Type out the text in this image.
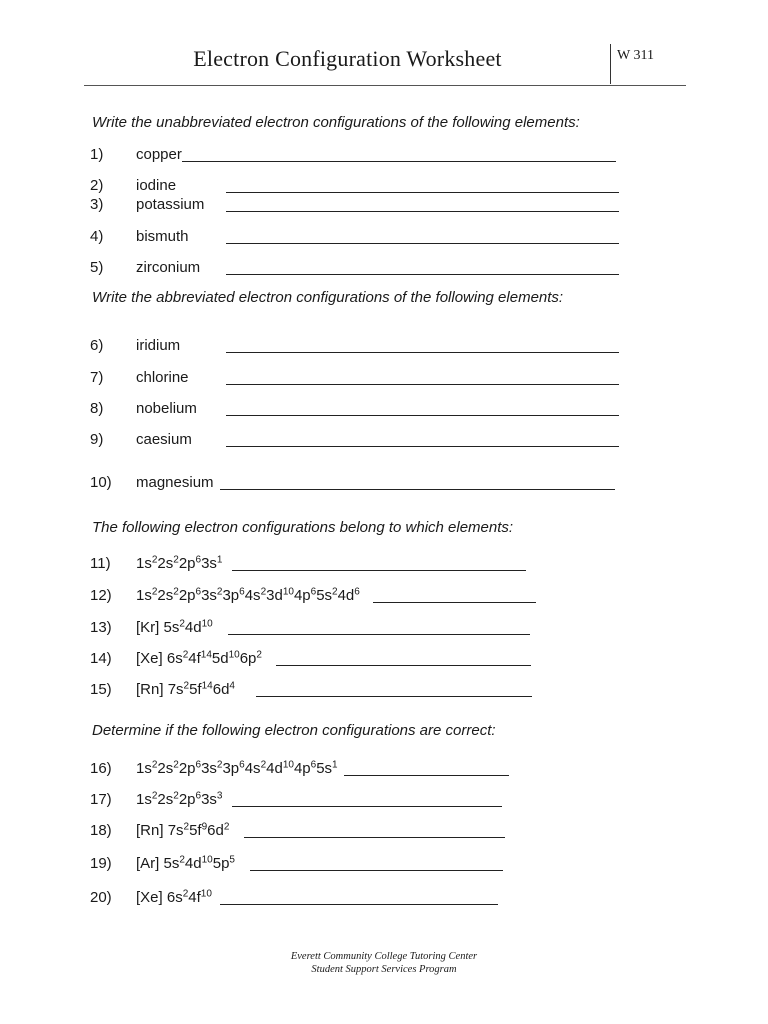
Electron Configuration Worksheet	W 311
Write the unabbreviated electron configurations of the following elements:
Write the abbreviated electron configurations of the following elements:
The following electron configurations belong to which elements:
Determine if the following electron configurations are correct:
1) copper
2) iodine
3) potassium
4) bismuth
5) zirconium
6) iridium
7) chlorine
8) nobelium
9) caesium
10) magnesium
11) $1s^22s^22p^63s^1$
12) $1s^22s^22p^63s^23p^64s^23d^{10}4p^65s^24d^6$
13) [Kr] $5s^24d^{10}$
14) [Xe] $6s^24f^{14}5d^{10}6p^2$
15) [Rn] $7s^25f^{14}6d^4$
16) $1s^22s^22p^63s^23p^64s^24d^{10}4p^65s^1$
17) $1s^22s^22p^63s^3$
18) [Rn] $7s^25f^96d^2$
19) [Ar] $5s^24d^{10}5p^5$
20) [Xe] $6s^24f^{10}$
Everett Community College Tutoring Center
Student Support Services Program
